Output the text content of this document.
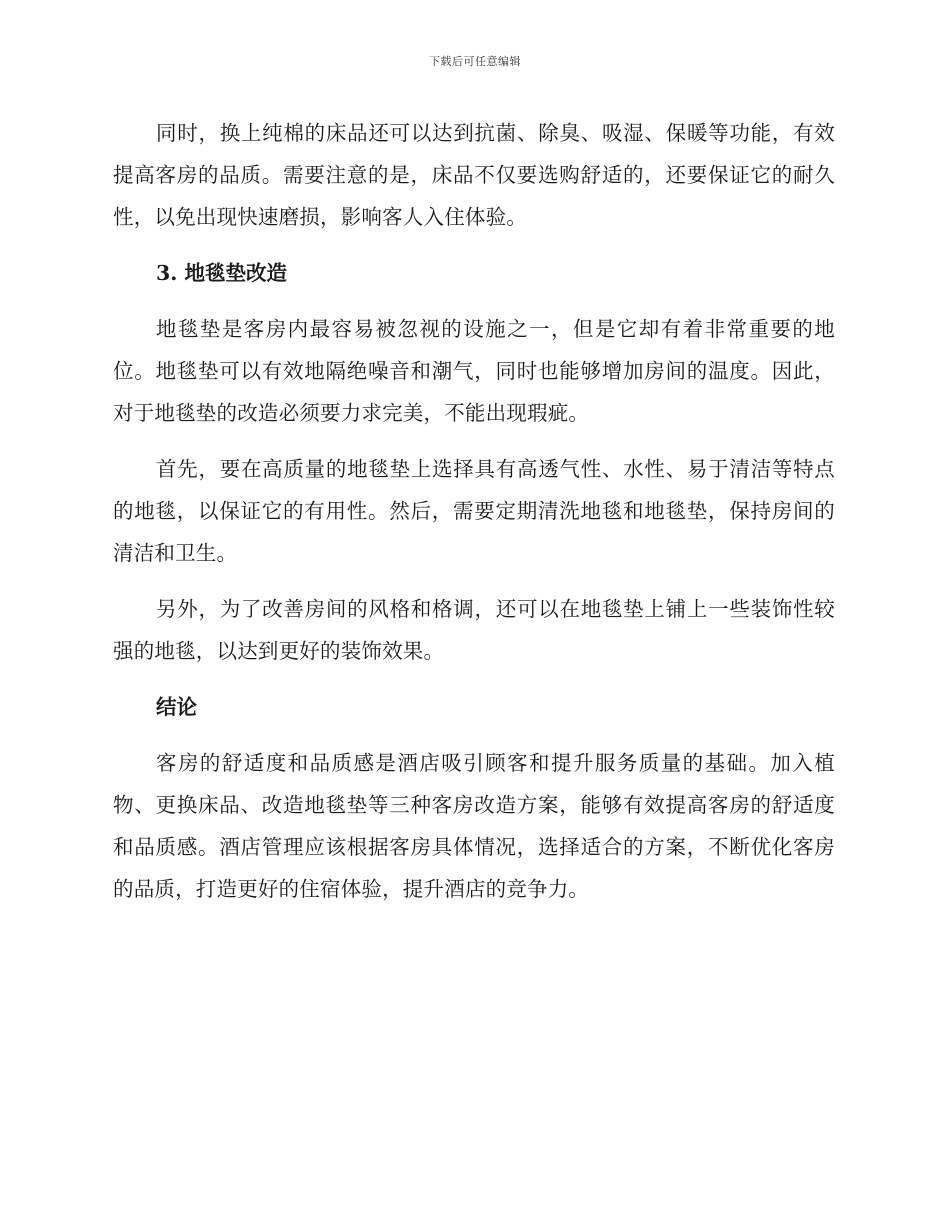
下载后可任意编辑

同时，换上纯棉的床品还可以达到抗菌、除臭、吸湿、保暖等功能，有效提高客房的品质。需要注意的是，床品不仅要选购舒适的，还要保证它的耐久性，以免出现快速磨损，影响客人入住体验。

3. 地毯垫改造

地毯垫是客房内最容易被忽视的设施之一，但是它却有着非常重要的地位。地毯垫可以有效地隔绝噪音和潮气，同时也能够增加房间的温度。因此，对于地毯垫的改造必须要力求完美，不能出现瑕疵。

首先，要在高质量的地毯垫上选择具有高透气性、水性、易于清洁等特点的地毯，以保证它的有用性。然后，需要定期清洗地毯和地毯垫，保持房间的清洁和卫生。

另外，为了改善房间的风格和格调，还可以在地毯垫上铺上一些装饰性较强的地毯，以达到更好的装饰效果。

结论

客房的舒适度和品质感是酒店吸引顾客和提升服务质量的基础。加入植物、更换床品、改造地毯垫等三种客房改造方案，能够有效提高客房的舒适度和品质感。酒店管理应该根据客房具体情况，选择适合的方案，不断优化客房的品质，打造更好的住宿体验，提升酒店的竞争力。
